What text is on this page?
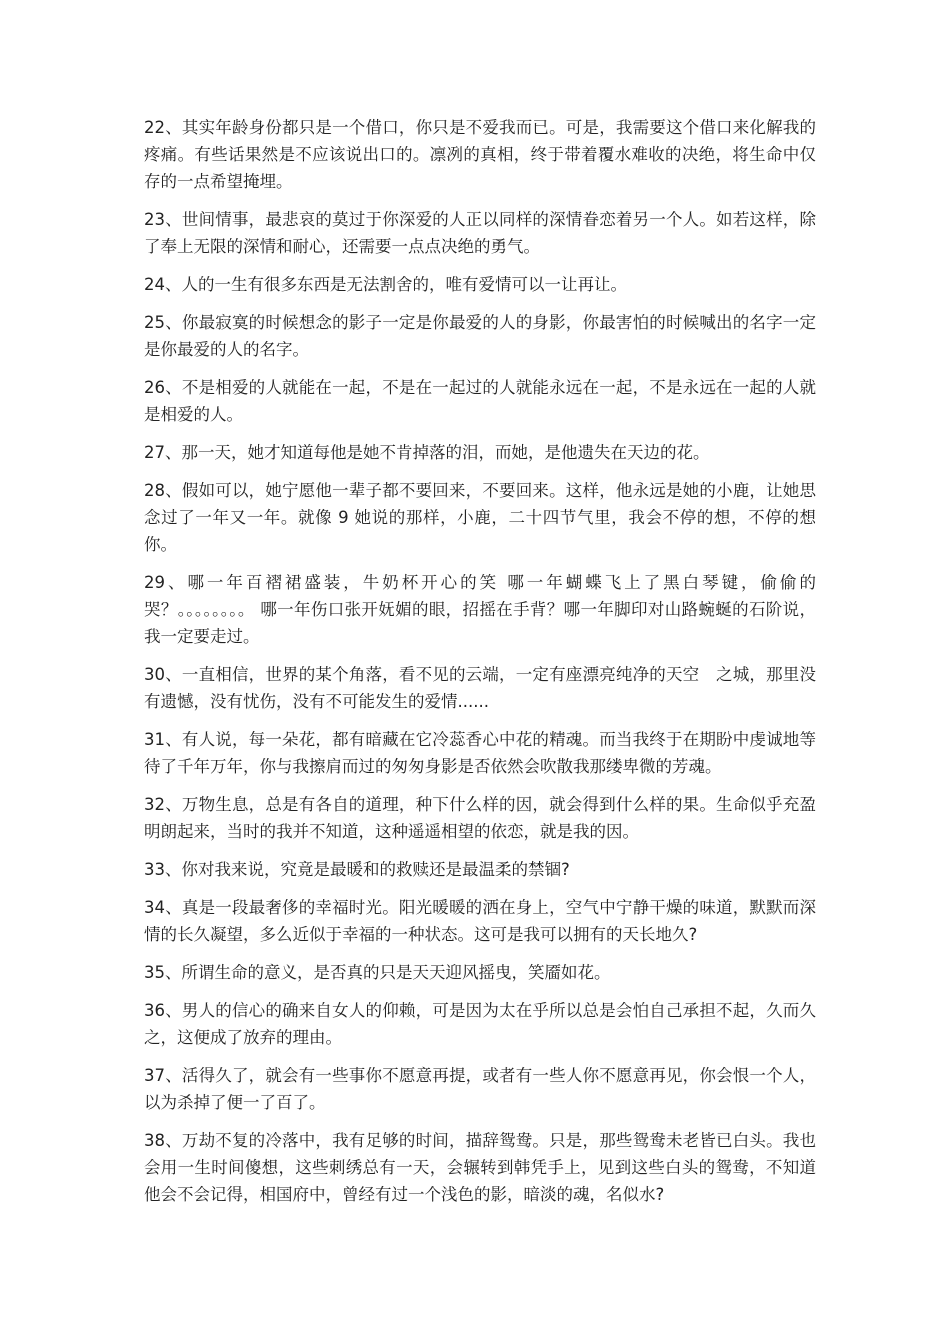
22、其实年龄身份都只是一个借口，你只是不爱我而已。可是，我需要这个借口来化解我的疼痛。有些话果然是不应该说出口的。凛冽的真相，终于带着覆水难收的决绝，将生命中仅存的一点希望掩埋。

23、世间情事，最悲哀的莫过于你深爱的人正以同样的深情眷恋着另一个人。如若这样，除了奉上无限的深情和耐心，还需要一点点决绝的勇气。

24、人的一生有很多东西是无法割舍的，唯有爱情可以一让再让。

25、你最寂寞的时候想念的影子一定是你最爱的人的身影，你最害怕的时候喊出的名字一定是你最爱的人的名字。

26、不是相爱的人就能在一起，不是在一起过的人就能永远在一起，不是永远在一起的人就是相爱的人。

27、那一天，她才知道每他是她不肯掉落的泪，而她，是他遗失在天边的花。

28、假如可以，她宁愿他一辈子都不要回来，不要回来。这样，他永远是她的小鹿，让她思念过了一年又一年。就像 9 她说的那样，小鹿，二十四节气里，我会不停的想，不停的想你。

29、哪一年百褶裙盛装，牛奶杯开心的笑 哪一年蝴蝶飞上了黑白琴键，偷偷的哭？。。。。。。。。 哪一年伤口张开妩媚的眼，招摇在手背？哪一年脚印对山路蜿蜒的石阶说，我一定要走过。

30、一直相信，世界的某个角落，看不见的云端，一定有座漂亮纯净的天空　之城，那里没有遗憾，没有忧伤，没有不可能发生的爱情......

31、有人说，每一朵花，都有暗藏在它冷蕊香心中花的精魂。而当我终于在期盼中虔诚地等待了千年万年，你与我擦肩而过的匆匆身影是否依然会吹散我那缕卑微的芳魂。

32、万物生息，总是有各自的道理，种下什么样的因，就会得到什么样的果。生命似乎充盈明朗起来，当时的我并不知道，这种遥遥相望的依恋，就是我的因。

33、你对我来说，究竟是最暖和的救赎还是最温柔的禁锢?

34、真是一段最奢侈的幸福时光。阳光暖暖的洒在身上，空气中宁静干燥的味道，默默而深情的长久凝望，多么近似于幸福的一种状态。这可是我可以拥有的天长地久?

35、所谓生命的意义，是否真的只是天天迎风摇曳，笑靥如花。

36、男人的信心的确来自女人的仰赖，可是因为太在乎所以总是会怕自己承担不起，久而久之，这便成了放弃的理由。

37、活得久了，就会有一些事你不愿意再提，或者有一些人你不愿意再见，你会恨一个人，以为杀掉了便一了百了。

38、万劫不复的冷落中，我有足够的时间，描辞鸳鸯。只是，那些鸳鸯未老皆已白头。我也会用一生时间傻想，这些刺绣总有一天，会辗转到韩凭手上，见到这些白头的鸳鸯，不知道他会不会记得，相国府中，曾经有过一个浅色的影，暗淡的魂，名似水?
